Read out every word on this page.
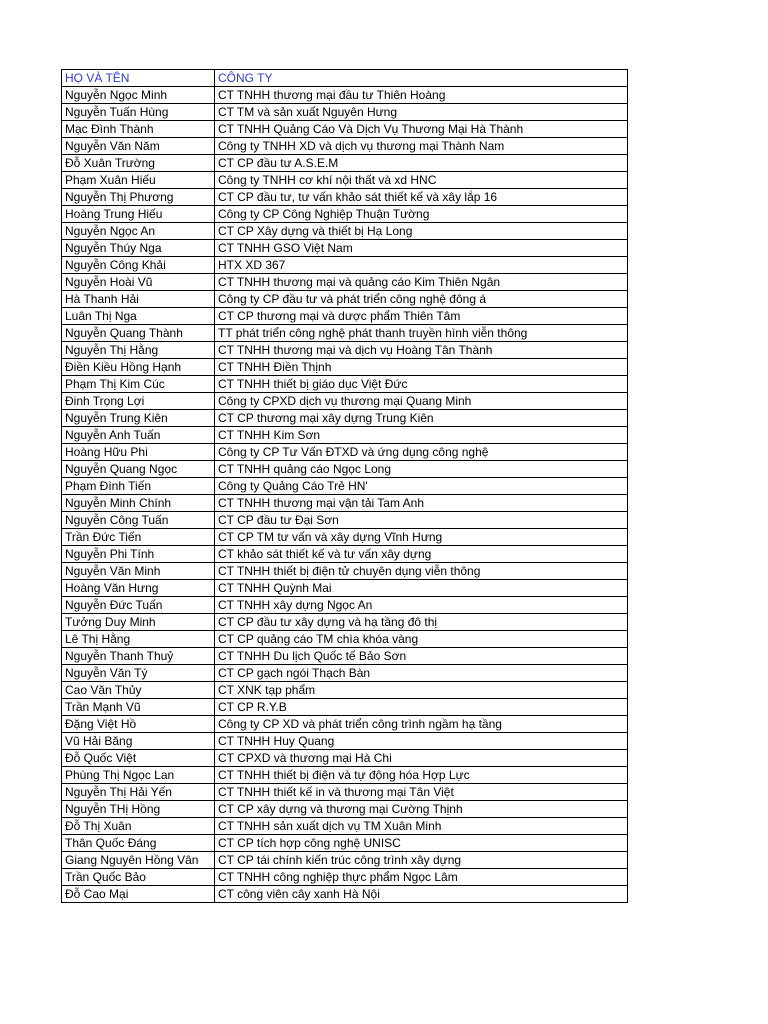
HỌ VÀ TÊN	CÔNG TY
Nguyễn Ngọc Minh	CT TNHH thương mại đầu tư Thiên Hoàng
Nguyễn Tuấn Hùng	CT TM và sản xuất Nguyên Hưng
Mạc Đình Thành	CT TNHH Quảng Cáo Và Dịch Vụ Thương Mại Hà Thành
Nguyễn Văn Năm	Công ty TNHH XD và dịch vụ thương mại Thành Nam
Đỗ Xuân Trường	CT CP đầu tư A.S.E.M
Phạm Xuân Hiếu	Công ty TNHH cơ khí nội thất và xd HNC
Nguyễn Thị Phương	CT CP đầu tư, tư vấn khảo sát thiết kế và xây lắp 16
Hoàng Trung Hiếu	Công ty CP Công Nghiệp Thuận Tường
Nguyễn Ngọc An	CT CP Xây dựng và thiết bị Hạ Long
Nguyễn Thúy Nga	CT TNHH GSO Việt Nam
Nguyễn Công Khải	HTX XD 367
Nguyễn Hoài Vũ	CT TNHH thương mại và quảng cáo Kim Thiên Ngân
Hà Thanh Hải	Công ty CP đầu tư và phát triển công nghệ đông á
Luân Thị Nga	CT CP thương mại và dược phẩm Thiên Tâm
Nguyễn Quang Thành	TT phát triển công nghệ phát thanh truyền hình viễn thông
Nguyễn Thị Hằng	CT TNHH thương mại và dịch vụ Hoàng Tân Thành
Điền Kiều Hồng Hạnh	CT TNHH Điền Thịnh
Phạm Thị Kim Cúc	CT TNHH thiết bị giáo dục Việt Đức
Đinh Trọng Lợi	Công ty CPXD dịch vụ thương mại Quang Minh
Nguyễn Trung Kiên	CT CP thương mại xây dựng Trung Kiên
Nguyễn Anh Tuấn	CT TNHH Kim Sơn
Hoàng Hữu Phi	Công ty CP Tư Vấn ĐTXD và ứng dụng công nghệ
Nguyễn Quang Ngọc	CT TNHH quảng cáo Ngọc Long
Phạm Đình Tiến	Công ty Quảng Cáo Trẻ HN'
Nguyễn Minh Chính	CT TNHH thương mại vận tải Tam Anh
Nguyễn Công Tuấn	CT CP đầu tư Đại Sơn
Trần Đức Tiến	CT CP TM tư vấn và xây dựng Vĩnh Hưng
Nguyễn Phi Tính	CT khảo sát thiết kế và tư vấn xây dựng
Nguyễn Văn Minh	CT TNHH thiết bị điện tử chuyên dụng viễn thông
Hoàng Văn Hưng	CT TNHH Quỳnh Mai
Nguyễn Đức Tuấn	CT TNHH xây dựng Ngọc An
Tưởng Duy Minh	CT CP đầu tư xây dựng và hạ tầng đô thị
Lê Thị Hằng	CT CP quảng cáo TM chìa khóa vàng
Nguyễn Thanh Thuỷ	CT TNHH Du lịch Quốc tế Bảo Sơn
Nguyễn Văn Tý	CT CP gạch ngói Thạch Bàn
Cao Văn Thủy	CT XNK tạp phẩm
Trần Mạnh Vũ	CT CP R.Y.B
Đặng Việt Hồ	Công ty CP XD và phát triển công trình ngầm hạ tầng
Vũ Hải Băng	CT TNHH Huy Quang
Đỗ Quốc Việt	CT CPXD và thương mại Hà Chi
Phùng Thị Ngọc Lan	CT TNHH thiết bị điện và tự động hóa Hợp Lực
Nguyễn Thị Hải Yến	CT TNHH thiết kế in và thương mại Tân Việt
Nguyễn THị Hồng	CT CP xây dựng và thương mại Cường Thịnh
Đỗ Thị Xuân	CT TNHH sản xuất dịch vụ TM Xuân Minh
Thân Quốc Đáng	CT CP tích hợp công nghệ UNISC
Giang Nguyên Hồng Vân	CT CP tái chính kiến trúc công trình xây dựng
Trần Quốc Bảo	CT TNHH công nghiệp thực phẩm Ngọc Lâm
Đỗ Cao Mại	CT công viên cây xanh Hà Nội
